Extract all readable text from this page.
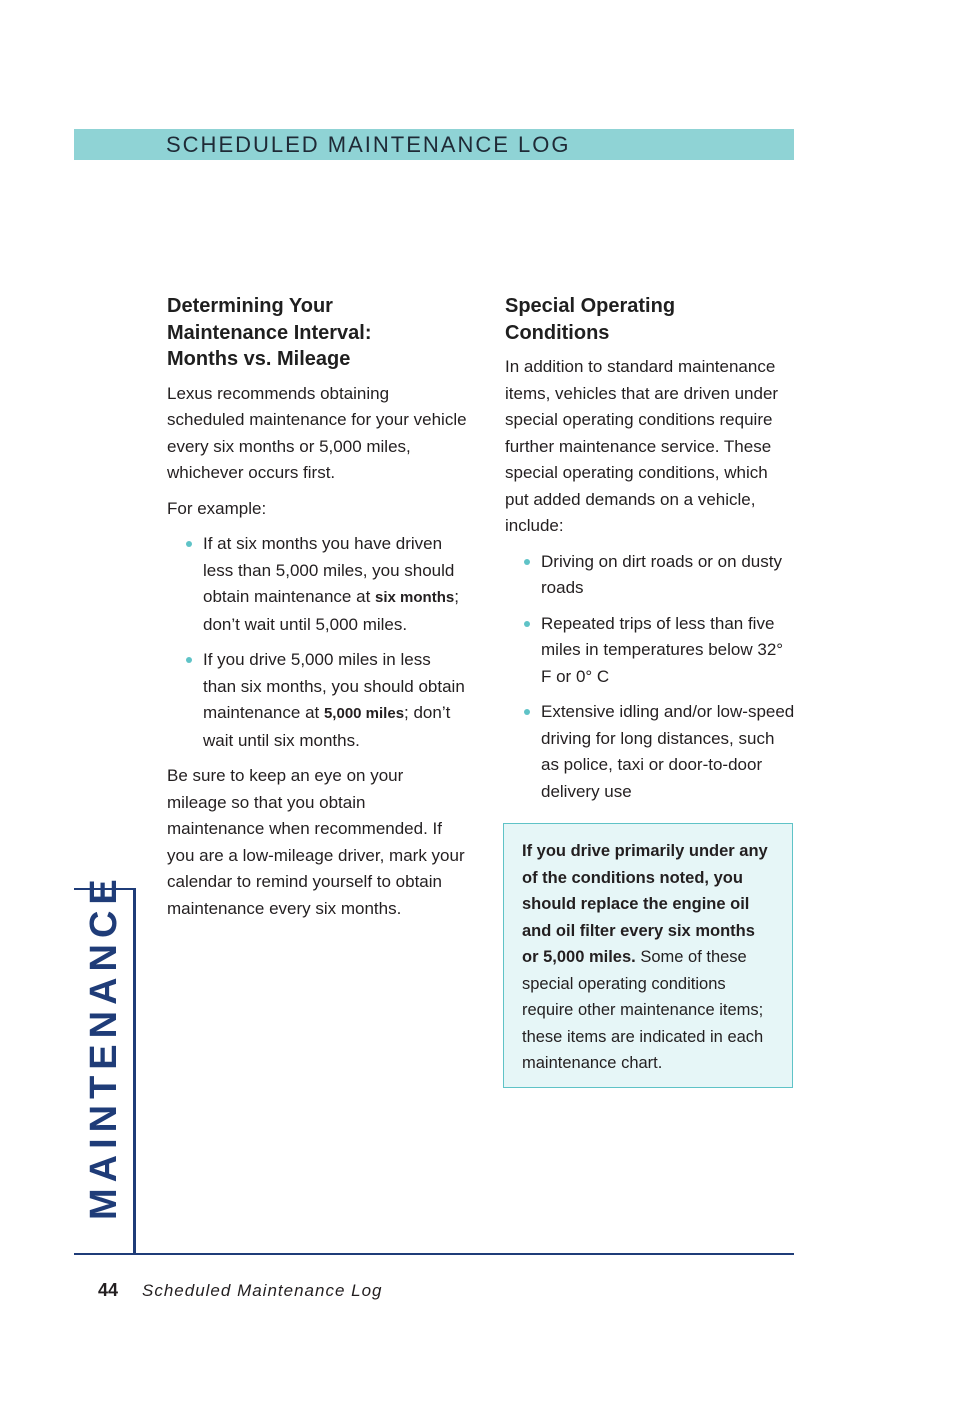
SCHEDULED MAINTENANCE LOG
Determining Your
Maintenance Interval:
Months vs. Mileage

Lexus recommends obtaining scheduled maintenance for your vehicle every six months or 5,000 miles, whichever occurs first.

For example:

If at six months you have driven less than 5,000 miles, you should obtain maintenance at six months; don’t wait until 5,000 miles.
If you drive 5,000 miles in less than six months, you should obtain maintenance at 5,000 miles; don’t wait until six months.

Be sure to keep an eye on your mileage so that you obtain maintenance when recommended. If you are a low-mileage driver, mark your calendar to remind yourself to obtain maintenance every six months.

Special Operating
Conditions

In addition to standard maintenance items, vehicles that are driven under special operating conditions require further maintenance service. These special operating conditions, which put added demands on a vehicle, include:

Driving on dirt roads or on dusty roads
Repeated trips of less than five miles in temperatures below 32° F or 0° C
Extensive idling and/or low-speed driving for long distances, such as police, taxi or door-to-door delivery use

If you drive primarily under any of the conditions noted, you should replace the engine oil and oil filter every six months or 5,000 miles. Some of these special operating conditions require other maintenance items; these items are indicated in each maintenance chart.

MAINTENANCE
44 Scheduled Maintenance Log
